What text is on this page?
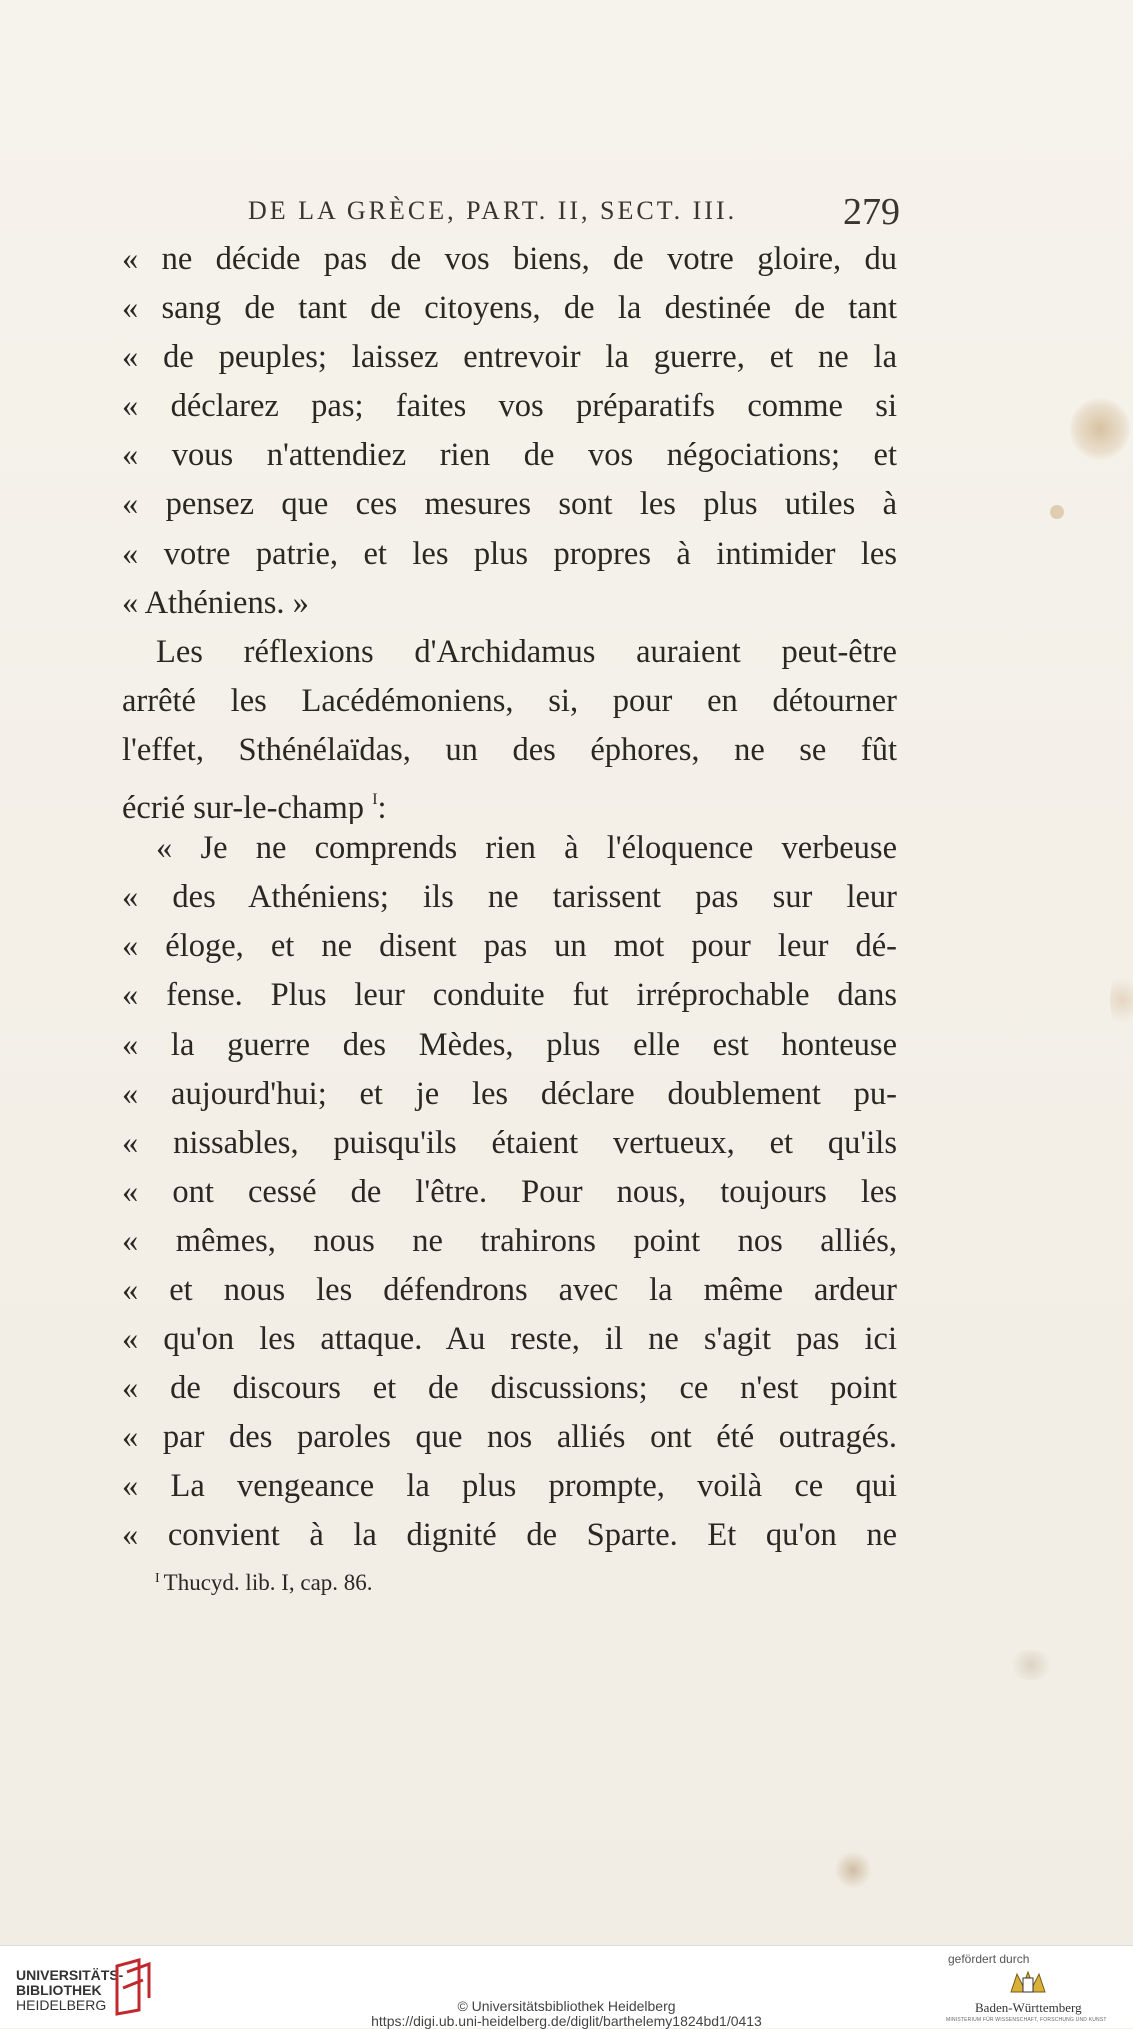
DE LA GRÈCE, PART. II, SECT. III.	279
« ne décide pas de vos biens, de votre gloire, du
« sang de tant de citoyens, de la destinée de tant
« de peuples; laissez entrevoir la guerre, et ne la
« déclarez pas; faites vos préparatifs comme si
« vous n'attendiez rien de vos négociations; et
« pensez que ces mesures sont les plus utiles à
« votre patrie, et les plus propres à intimider les
« Athéniens. »
Les réflexions d'Archidamus auraient peut-être
arrêté les Lacédémoniens, si, pour en détourner
l'effet, Sthénélaïdas, un des éphores, ne se fût
écrié sur-le-champ $^I$:
« Je ne comprends rien à l'éloquence verbeuse
« des Athéniens; ils ne tarissent pas sur leur
« éloge, et ne disent pas un mot pour leur dé-
« fense. Plus leur conduite fut irréprochable dans
« la guerre des Mèdes, plus elle est honteuse
« aujourd'hui; et je les déclare doublement pu-
« nissables, puisqu'ils étaient vertueux, et qu'ils
« ont cessé de l'être. Pour nous, toujours les
« mêmes, nous ne trahirons point nos alliés,
« et nous les défendrons avec la même ardeur
« qu'on les attaque. Au reste, il ne s'agit pas ici
« de discours et de discussions; ce n'est point
« par des paroles que nos alliés ont été outragés.
« La vengeance la plus prompte, voilà ce qui
« convient à la dignité de Sparte. Et qu'on ne
$^I$ Thucyd. lib. I, cap. 86.
UNIVERSITÄTS-
BIBLIOTHEK
HEIDELBERG	© Universitätsbibliothek Heidelberg
https://digi.ub.uni-heidelberg.de/diglit/barthelemy1824bd1/0413
gefördert durch
Baden-Württemberg
MINISTERIUM FÜR WISSENSCHAFT, FORSCHUNG UND KUNST
